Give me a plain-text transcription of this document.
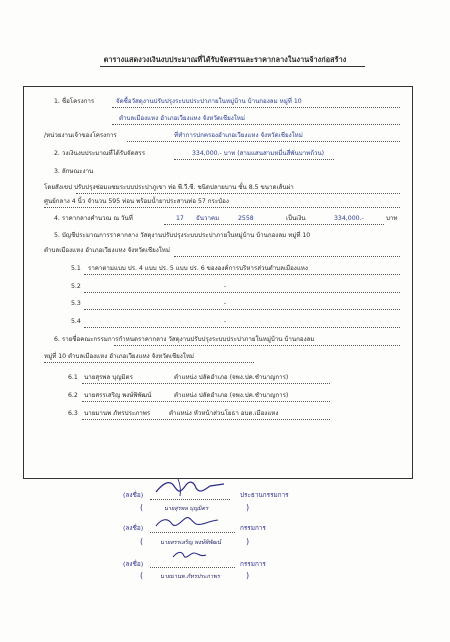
ตารางแสดงวงเงินงบประมาณที่ได้รับจัดสรรและราคากลางในงานจ้างก่อสร้าง
1. ชื่อโครงการ	จัดซื้อวัสดุงานปรับปรุงระบบประปาภายในหมู่บ้าน บ้านกองลม หมู่ที่ 10
ตำบลเมืองแหง อำเภอเวียงแหง จังหวัดเชียงใหม่
/หน่วยงานเจ้าของโครงการ	ที่ทำการปกครองอำเภอเวียงแหง จังหวัดเชียงใหม่
2. วงเงินงบประมาณที่ได้รับจัดสรร	334,000.- บาท (สามแสนสามหมื่นสี่พันบาทถ้วน)
3. ลักษณะงาน
โดยสังเขป ปรับปรุงซ่อมแซมระบบประปาภูเขา ท่อ พี.วี.ซี. ชนิดปลายบาน ชั้น 8.5 ขนาดเส้นผ่า
ศูนย์กลาง 4 นิ้ว จำนวน 595 ท่อน พร้อมน้ำยาประสานท่อ 57 กระป๋อง
4. ราคากลางคำนวณ ณ วันที่	17 ธันวาคม	2558	เป็นเงิน	334,000.-	บาท
5. บัญชีประมาณการราคากลาง วัสดุงานปรับปรุงระบบประปาภายในหมู่บ้าน บ้านกองลม หมู่ที่ 10
ตำบลเมืองแหง อำเภอเวียงแหง จังหวัดเชียงใหม่
5.1 ราคาตามแบบ ปร. 4 แบบ ปร. 5 แบบ ปร. 6 ขององค์การบริหารส่วนตำบลเมืองแหง
5.2	-
5.3	-
5.4	-
6. รายชื่อคณะกรรมการกำหนดราคากลาง วัสดุงานปรับปรุงระบบประปาภายในหมู่บ้าน บ้านกองลม
หมู่ที่ 10 ตำบลเมืองแหง อำเภอเวียงแหง จังหวัดเชียงใหม่
6.1 นายสุรพล บุญมิตร	ตำแหน่ง ปลัดอำเภอ (จพง.ปค.ชำนาญการ)
6.2 นายสรรเสริญ พงษ์พิพัฒน์	ตำแหน่ง ปลัดอำเภอ (จพง.ปค.ชำนาญการ)
6.3 นายมานพ ภัทรประภาพร	ตำแหน่ง หัวหน้าส่วนโยธา อบต.เมืองแหง
(ลงชื่อ)	ประธานกรรมการ
(	นายสุรพล บุญมิตร	)
(ลงชื่อ)	กรรมการ
(	นายสรรเสริญ พงษ์พิพัฒน์	)
(ลงชื่อ)	กรรมการ
(	นายมานพ ภัทรประภาพร	)
